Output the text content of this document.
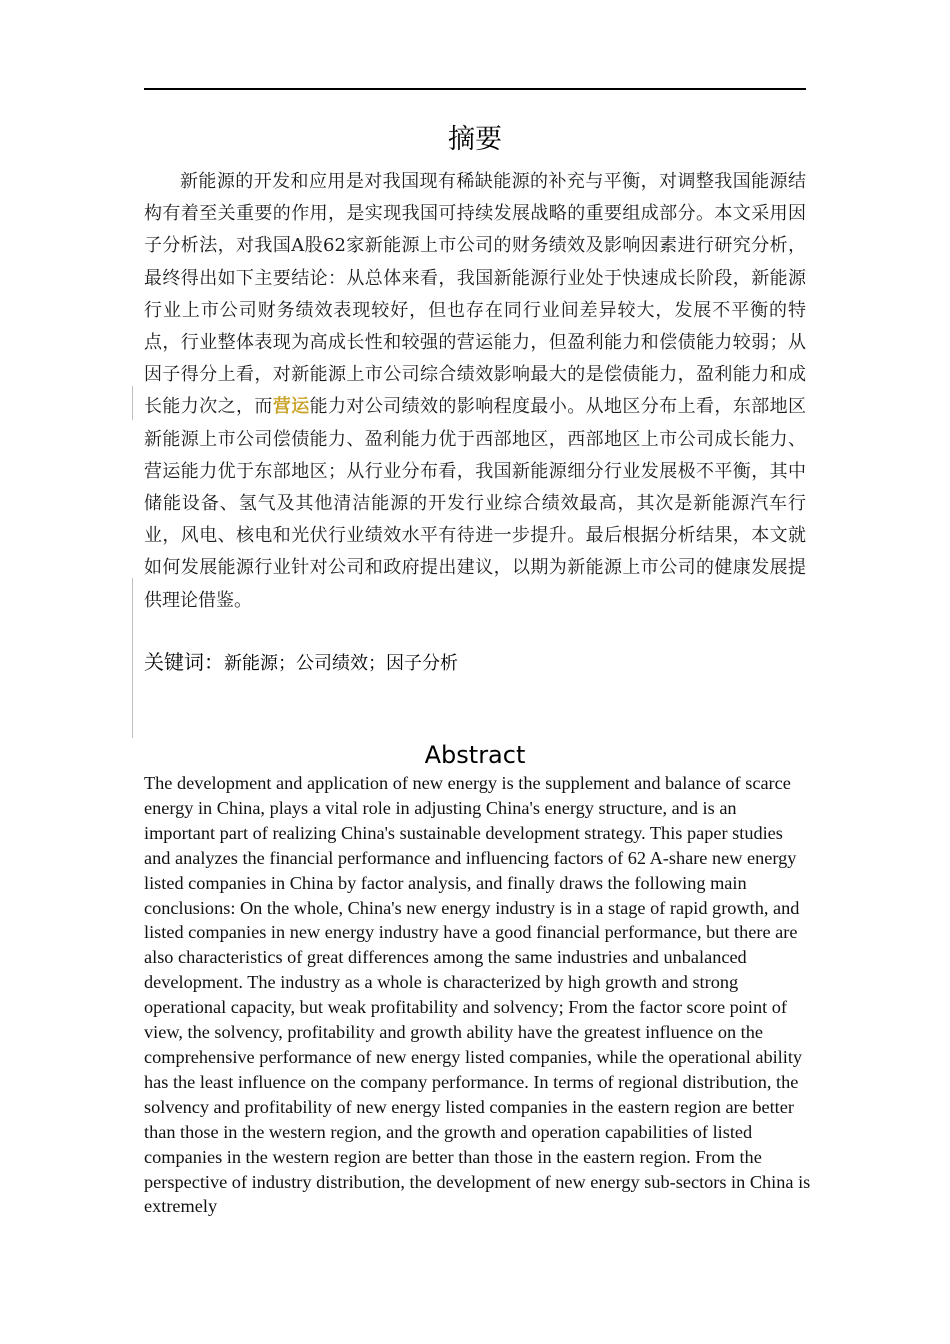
摘要

新能源的开发和应用是对我国现有稀缺能源的补充与平衡，对调整我国能源结构有着至关重要的作用，是实现我国可持续发展战略的重要组成部分。本文采用因子分析法，对我国A股62家新能源上市公司的财务绩效及影响因素进行研究分析，最终得出如下主要结论：从总体来看，我国新能源行业处于快速成长阶段，新能源行业上市公司财务绩效表现较好，但也存在同行业间差异较大，发展不平衡的特点，行业整体表现为高成长性和较强的营运能力，但盈利能力和偿债能力较弱；从因子得分上看，对新能源上市公司综合绩效影响最大的是偿债能力，盈利能力和成长能力次之，而营运能力对公司绩效的影响程度最小。从地区分布上看，东部地区新能源上市公司偿债能力、盈利能力优于西部地区，西部地区上市公司成长能力、营运能力优于东部地区；从行业分布看，我国新能源细分行业发展极不平衡，其中储能设备、氢气及其他清洁能源的开发行业综合绩效最高，其次是新能源汽车行业，风电、核电和光伏行业绩效水平有待进一步提升。最后根据分析结果，本文就如何发展能源行业针对公司和政府提出建议，以期为新能源上市公司的健康发展提供理论借鉴。

关键词：新能源；公司绩效；因子分析
Abstract

The development and application of new energy is the supplement and balance of scarce energy in China, plays a vital role in adjusting China's energy structure, and is an important part of realizing China's sustainable development strategy. This paper studies and analyzes the financial performance and influencing factors of 62 A-share new energy listed companies in China by factor analysis, and finally draws the following main conclusions: On the whole, China's new energy industry is in a stage of rapid growth, and listed companies in new energy industry have a good financial performance, but there are also characteristics of great differences among the same industries and unbalanced development. The industry as a whole is characterized by high growth and strong operational capacity, but weak profitability and solvency; From the factor score point of view, the solvency, profitability and growth ability have the greatest influence on the comprehensive performance of new energy listed companies, while the operational ability has the least influence on the company performance. In terms of regional distribution, the solvency and profitability of new energy listed companies in the eastern region are better than those in the western region, and the growth and operation capabilities of listed companies in the western region are better than those in the eastern region. From the perspective of industry distribution, the development of new energy sub-sectors in China is extremely
